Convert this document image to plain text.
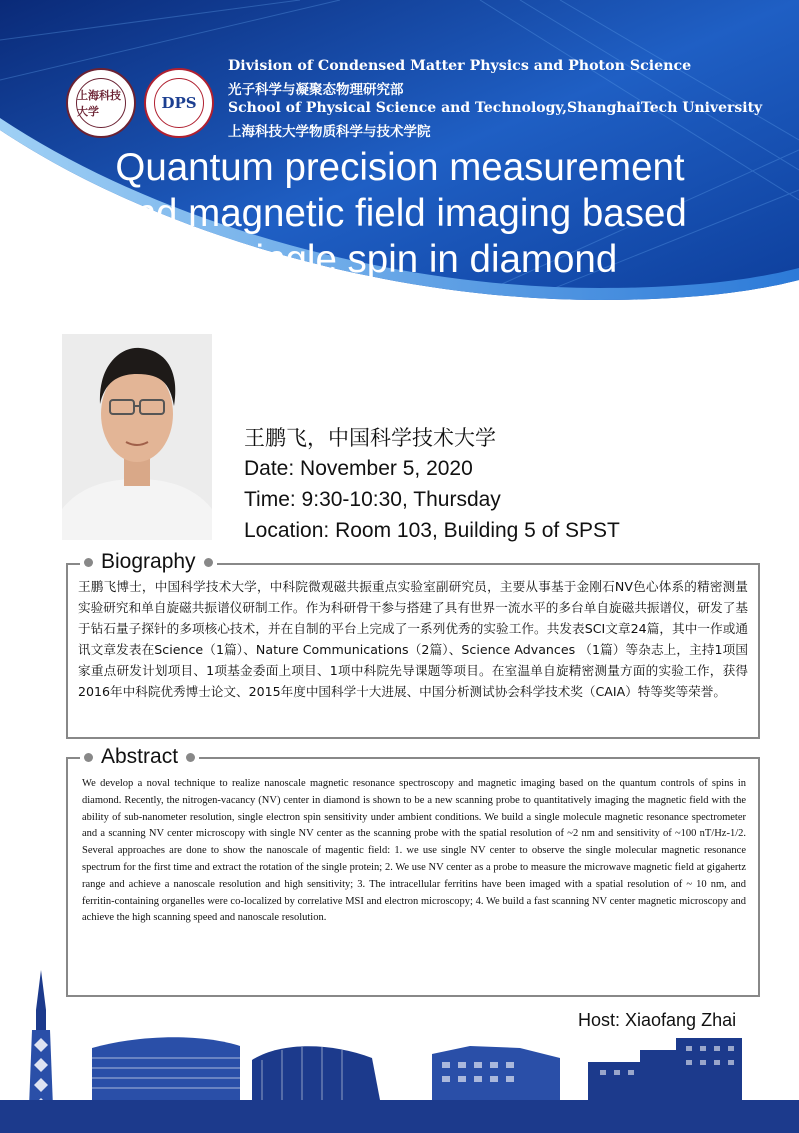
上海科技大学	DPS
Division of Condensed Matter Physics and Photon Science
光子科学与凝聚态物理研究部
School of Physical Science and Technology,ShanghaiTech University
上海科技大学物质科学与技术学院
Quantum precision measurement
and magnetic field imaging based
on single spin in diamond
王鹏飞，中国科学技术大学
Date: November 5, 2020
Time: 9:30-10:30, Thursday
Location: Room 103, Building 5 of SPST
Biography
王鹏飞博士，中国科学技术大学，中科院微观磁共振重点实验室副研究员，主要从事基于金刚石NV色心体系的精密测量实验研究和单自旋磁共振谱仪研制工作。作为科研骨干参与搭建了具有世界一流水平的多台单自旋磁共振谱仪，研发了基于钻石量子探针的多项核心技术，并在自制的平台上完成了一系列优秀的实验工作。共发表SCI文章24篇，其中一作或通讯文章发表在Science（1篇）、Nature Communications（2篇）、Science Advances （1篇）等杂志上，主持1项国家重点研发计划项目、1项基金委面上项目、1项中科院先导课题等项目。在室温单自旋精密测量方面的实验工作，获得2016年中科院优秀博士论文、2015年度中国科学十大进展、中国分析测试协会科学技术奖（CAIA）特等奖等荣誉。
Abstract
We develop a noval technique to realize nanoscale magnetic resonance spectroscopy and magnetic imaging based on the quantum controls of spins in diamond. Recently, the nitrogen-vacancy (NV) center in diamond is shown to be a new scanning probe to quantitatively imaging the magnetic field with the ability of sub-nanometer resolution, single electron spin sensitivity under ambient conditions. We build a single molecule magnetic resonance spectrometer and a scanning NV center microscopy with single NV center as the scanning probe with the spatial resolution of ~2 nm and sensitivity of ~100 nT/Hz-1/2. Several approaches are done to show the nanoscale of magentic field: 1. we use single NV center to observe the single molecular magnetic resonance spectrum for the first time and extract the rotation of the single protein; 2. We use NV center as a probe to measure the microwave magnetic field at gigahertz range and achieve a nanoscale resolution and high sensitivity; 3. The intracellular ferritins have been imaged with a spatial resolution of ~ 10 nm, and ferritin-containing organelles were co-localized by correlative MSI and electron microscopy; 4. We build a fast scanning NV center magnetic microscopy and achieve the high scanning speed and nanoscale resolution.
Host: Xiaofang Zhai
